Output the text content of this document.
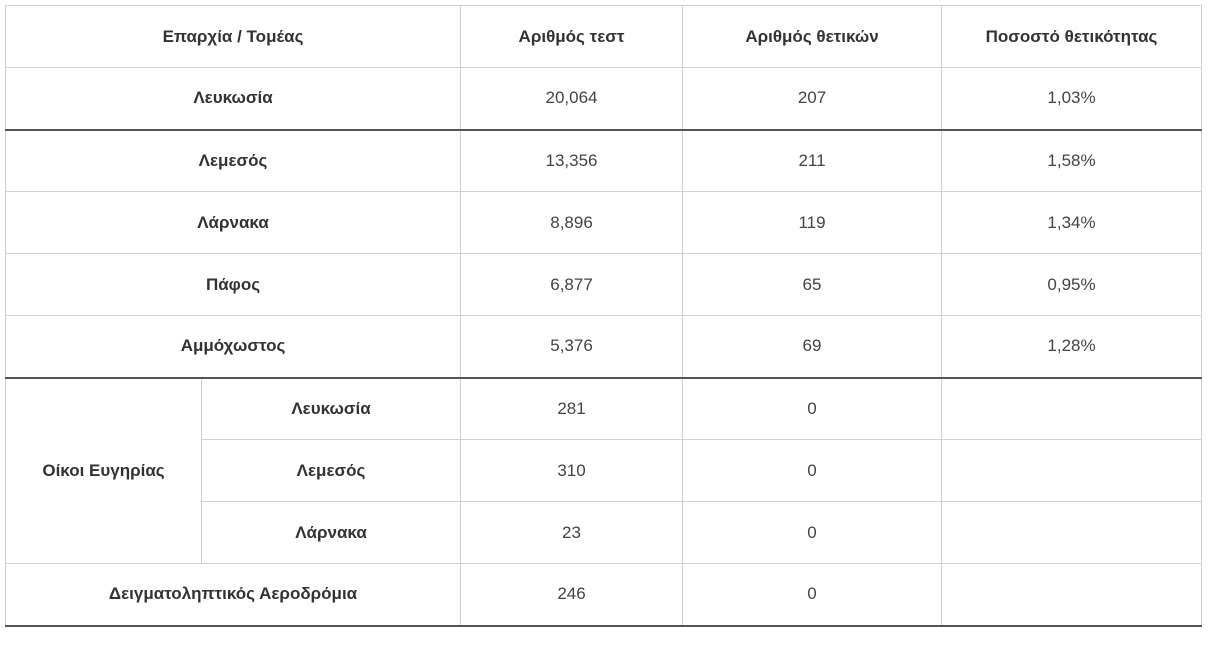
Επαρχία / Τομέας		Αριθμός τεστ	Αριθμός θετικών	Ποσοστό θετικότητας
Λευκωσία		20,064	207	1,03%
Λεμεσός		13,356	211	1,58%
Λάρνακα		8,896	119	1,34%
Πάφος		6,877	65	0,95%
Αμμόχωστος		5,376	69	1,28%
Οίκοι Ευγηρίας	Λευκωσία	281	0	
	Λεμεσός	310	0	
	Λάρνακα	23	0	
Δειγματοληπτικός Αεροδρόμια		246	0	
